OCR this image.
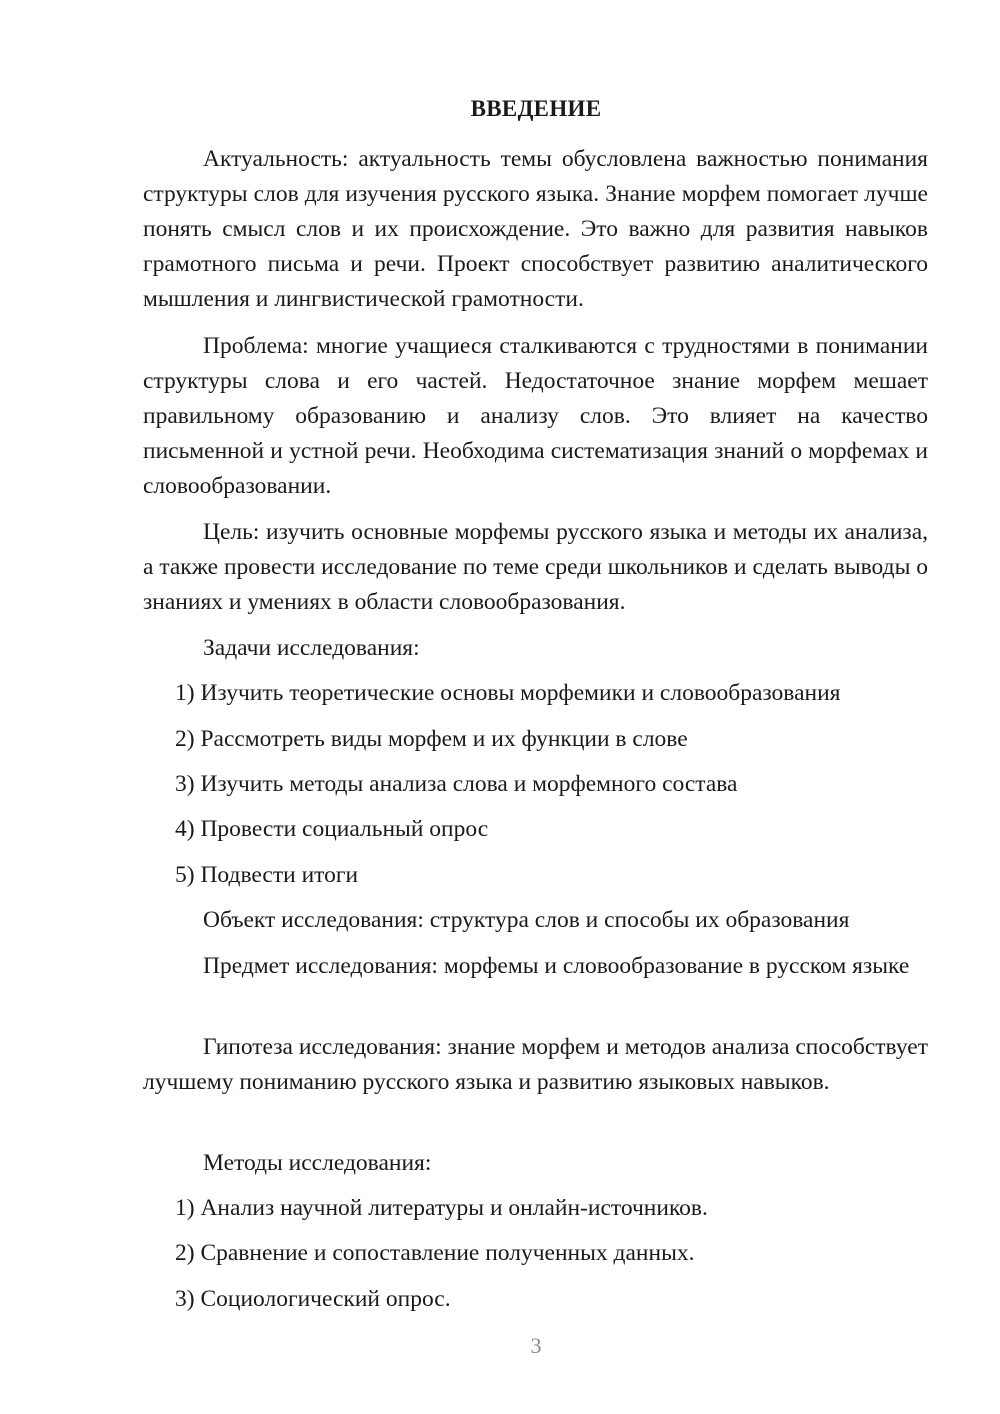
ВВЕДЕНИЕ

Актуальность: актуальность темы обусловлена важностью понимания структуры слов для изучения русского языка. Знание морфем помогает лучше понять смысл слов и их происхождение. Это важно для развития навыков грамотного письма и речи. Проект способствует развитию аналитического мышления и лингвистической грамотности.

Проблема: многие учащиеся сталкиваются с трудностями в понимании структуры слова и его частей. Недостаточное знание морфем мешает правильному образованию и анализу слов. Это влияет на качество письменной и устной речи. Необходима систематизация знаний о морфемах и словообразовании.

Цель: изучить основные морфемы русского языка и методы их анализа, а также провести исследование по теме среди школьников и сделать выводы о знаниях и умениях в области словообразования.

Задачи исследования:

1) Изучить теоретические основы морфемики и словообразования

2) Рассмотреть виды морфем и их функции в слове

3) Изучить методы анализа слова и морфемного состава

4) Провести социальный опрос

5) Подвести итоги

Объект исследования: структура слов и способы их образования

Предмет исследования: морфемы и словообразование в русском языке

Гипотеза исследования: знание морфем и методов анализа способствует лучшему пониманию русского языка и развитию языковых навыков.

Методы исследования:

1) Анализ научной литературы и онлайн-источников.

2) Сравнение и сопоставление полученных данных.

3) Социологический опрос.

3
